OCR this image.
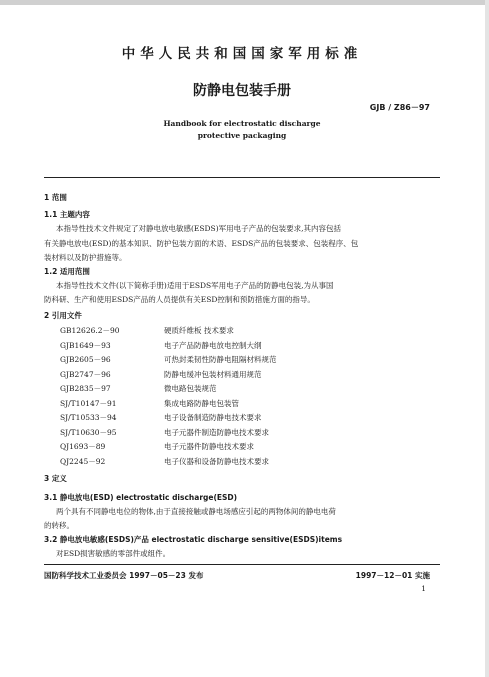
中华人民共和国国家军用标准
防静电包装手册
GJB / Z86－97
Handbook for electrostatic discharge
protective packaging
1 范围
1.1 主题内容
本指导性技术文件规定了对静电放电敏感(ESDS)军用电子产品的包装要求,其内容包括
有关静电放电(ESD)的基本知识、防护包装方面的术语、ESDS产品的包装要求、包装程序、包
装材料以及防护措施等。
1.2 适用范围
本指导性技术文件(以下简称手册)适用于ESDS军用电子产品的防静电包装,为从事国
防科研、生产和使用ESDS产品的人员提供有关ESD控制和预防措施方面的指导。
2 引用文件
GB12626.2－90	硬质纤维板 技术要求
GJB1649－93	电子产品防静电放电控制大纲
GJB2605－96	可热封柔韧性防静电阻隔材料规范
GJB2747－96	防静电缓冲包装材料通用规范
GJB2835－97	微电路包装规范
SJ/T10147－91	集成电路防静电包装管
SJ/T10533－94	电子设备制造防静电技术要求
SJ/T10630－95	电子元器件制造防静电技术要求
QJ1693－89	电子元器件防静电技术要求
QJ2245－92	电子仪器和设备防静电技术要求
3 定义
3.1 静电放电(ESD) electrostatic discharge(ESD)
两个具有不同静电电位的物体,由于直接接触或静电场感应引起的两物体间的静电电荷
的转移。
3.2 静电放电敏感(ESDS)产品 electrostatic discharge sensitive(ESDS)items
对ESD损害敏感的零部件或组件。
国防科学技术工业委员会 1997－05－23 发布	1997－12－01 实施
1
